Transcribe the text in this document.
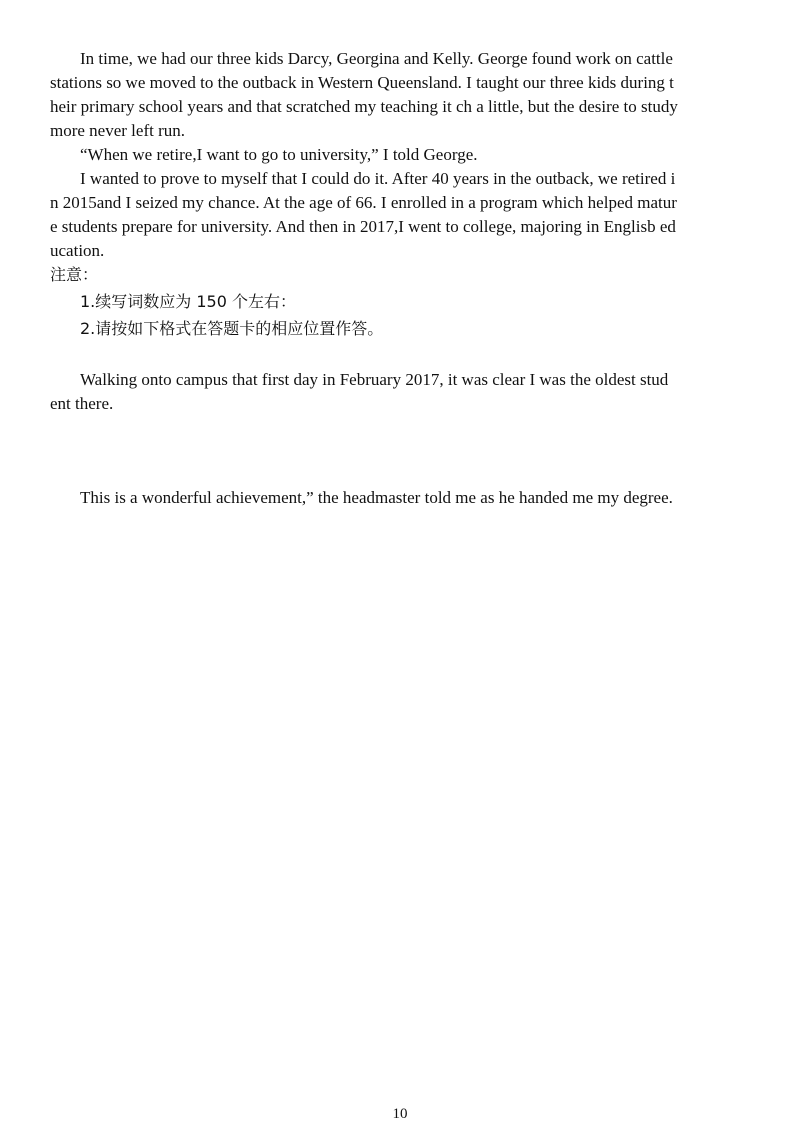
In time, we had our three kids Darcy, Georgina and Kelly. George found work on cattle
stations so we moved to the outback in Western Queensland. I taught our three kids during t
heir primary school years and that scratched my teaching it ch a little, but the desire to study
more never left run.
“When we retire,I want to go to university,” I told George.
I wanted to prove to myself that I could do it. After 40 years in the outback, we retired i
n 2015and I seized my chance. At the age of 66. I enrolled in a program which helped matur
e students prepare for university. And then in 2017,I went to college, majoring in Englisb ed
ucation.
注意：
1.续写词数应为 150 个左右：
2.请按如下格式在答题卡的相应位置作答。
Walking onto campus that first day in February 2017, it was clear I was the oldest stud
ent there.
This is a wonderful achievement,” the headmaster told me as he handed me my degree.
10
